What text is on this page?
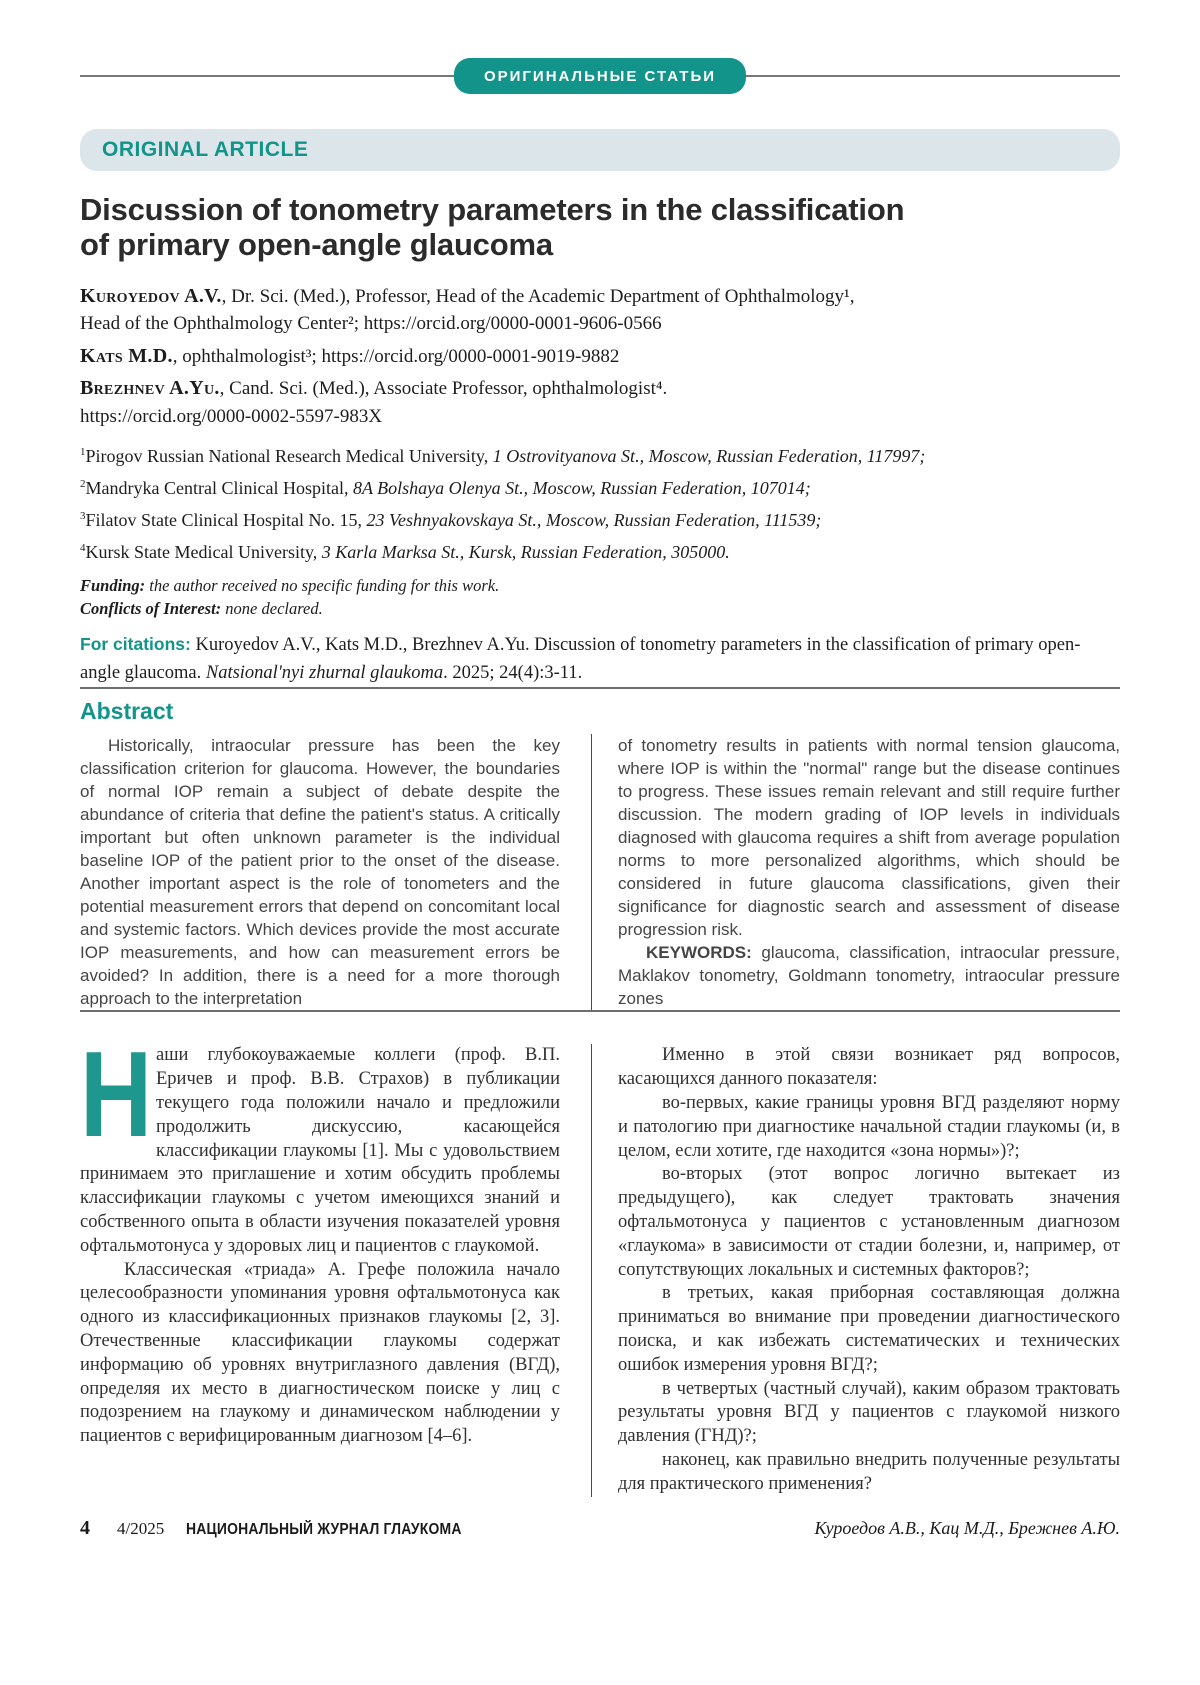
ОРИГИНАЛЬНЫЕ СТАТЬИ
ORIGINAL ARTICLE
Discussion of tonometry parameters in the classification
of primary open-angle glaucoma
Kuroyedov A.V., Dr. Sci. (Med.), Professor, Head of the Academic Department of Ophthalmology¹,
Head of the Ophthalmology Center²; https://orcid.org/0000-0001-9606-0566
Kats M.D., ophthalmologist³; https://orcid.org/0000-0001-9019-9882
Brezhnev A.Yu., Cand. Sci. (Med.), Associate Professor, ophthalmologist⁴.
https://orcid.org/0000-0002-5597-983X
$^1$Pirogov Russian National Research Medical University, 1 Ostrovityanova St., Moscow, Russian Federation, 117997;
$^2$Mandryka Central Clinical Hospital, 8A Bolshaya Olenya St., Moscow, Russian Federation, 107014;
$^3$Filatov State Clinical Hospital No. 15, 23 Veshnyakovskaya St., Moscow, Russian Federation, 111539;
$^4$Kursk State Medical University, 3 Karla Marksa St., Kursk, Russian Federation, 305000.
Funding: the author received no specific funding for this work.
Conflicts of Interest: none declared.
For citations: Kuroyedov A.V., Kats M.D., Brezhnev A.Yu. Discussion of tonometry parameters in the classification of primary open-angle glaucoma. Natsional'nyi zhurnal glaukoma. 2025; 24(4):3-11.
Abstract

Historically, intraocular pressure has been the key classification criterion for glaucoma. However, the boundaries of normal IOP remain a subject of debate despite the abundance of criteria that define the patient's status. A critically important but often unknown parameter is the individual baseline IOP of the patient prior to the onset of the disease. Another important aspect is the role of tonometers and the potential measurement errors that depend on concomitant local and systemic factors. Which devices provide the most accurate IOP measurements, and how can measurement errors be avoided? In addition, there is a need for a more thorough approach to the interpretation

of tonometry results in patients with normal tension glaucoma, where IOP is within the "normal" range but the disease continues to progress. These issues remain relevant and still require further discussion. The modern grading of IOP levels in individuals diagnosed with glaucoma requires a shift from average population norms to more personalized algorithms, which should be considered in future glaucoma classifications, given their significance for diagnostic search and assessment of disease progression risk.

KEYWORDS: glaucoma, classification, intraocular pressure, Maklakov tonometry, Goldmann tonometry, intraocular pressure zones

Наши глубокоуважаемые коллеги (проф. В.П. Еричев и проф. В.В. Страхов) в публикации текущего года положили начало и предложили продолжить дискуссию, касающейся классификации глаукомы [1]. Мы с удовольствием принимаем это приглашение и хотим обсудить проблемы классификации глаукомы с учетом имеющихся знаний и собственного опыта в области изучения показателей уровня офтальмотонуса у здоровых лиц и пациентов с глаукомой.

Классическая «триада» А. Грефе положила начало целесообразности упоминания уровня офтальмотонуса как одного из классификационных признаков глаукомы [2, 3]. Отечественные классификации глаукомы содержат информацию об уровнях внутриглазного давления (ВГД), определяя их место в диагностическом поиске у лиц с подозрением на глаукому и динамическом наблюдении у пациентов с верифицированным диагнозом [4–6].

Именно в этой связи возникает ряд вопросов, касающихся данного показателя:

во-первых, какие границы уровня ВГД разделяют норму и патологию при диагностике начальной стадии глаукомы (и, в целом, если хотите, где находится «зона нормы»)?;

во-вторых (этот вопрос логично вытекает из предыдущего), как следует трактовать значения офтальмотонуса у пациентов с установленным диагнозом «глаукома» в зависимости от стадии болезни, и, например, от сопутствующих локальных и системных факторов?;

в третьих, какая приборная составляющая должна приниматься во внимание при проведении диагностического поиска, и как избежать систематических и технических ошибок измерения уровня ВГД?;

в четвертых (частный случай), каким образом трактовать результаты уровня ВГД у пациентов с глаукомой низкого давления (ГНД)?;

наконец, как правильно внедрить полученные результаты для практического применения?

4 4/2025 НАЦИОНАЛЬНЫЙ ЖУРНАЛ ГЛАУКОМА	Куроедов А.В., Кац М.Д., Брежнев А.Ю.
